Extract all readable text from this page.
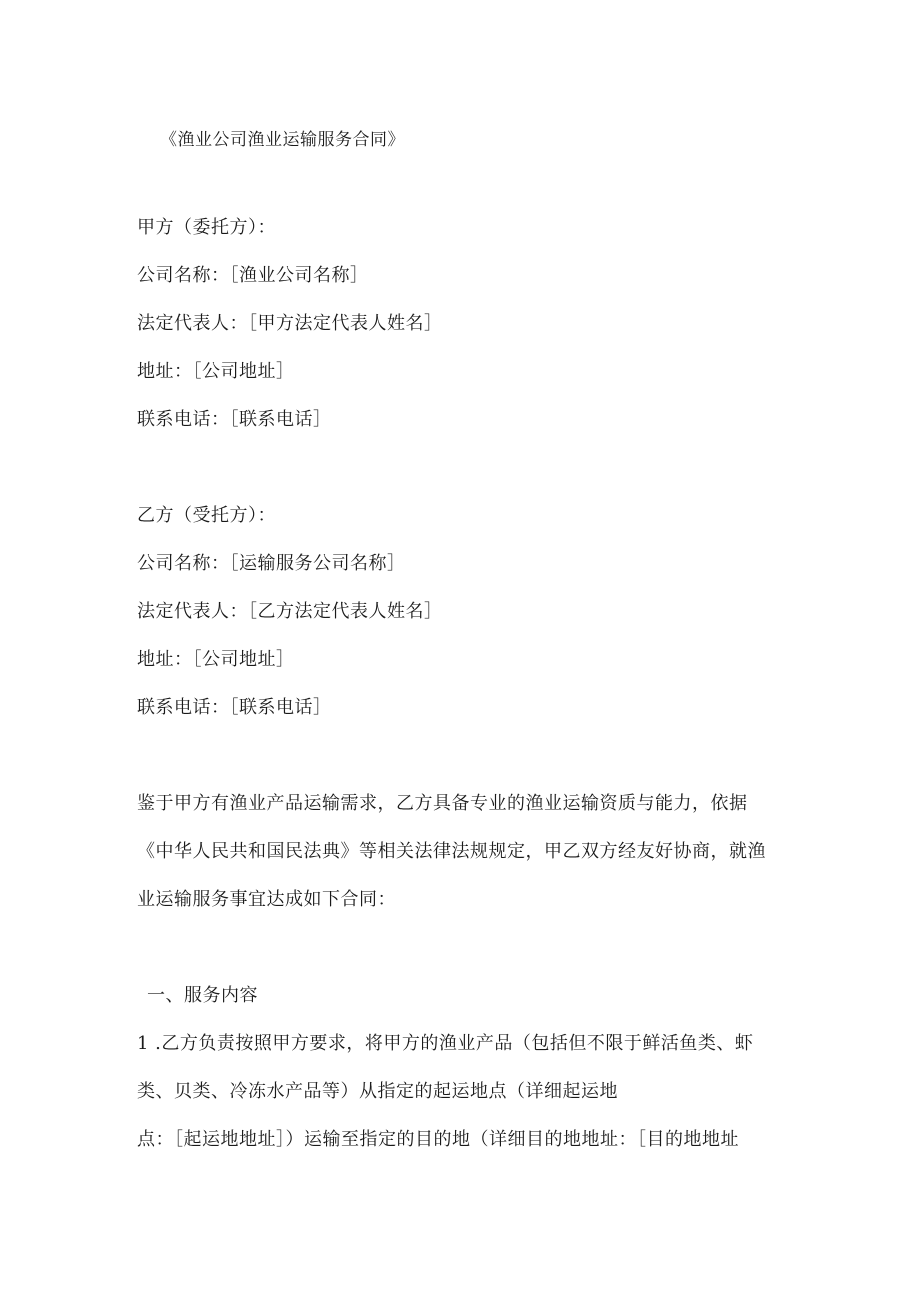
《渔业公司渔业运输服务合同》
甲方（委托方）：
公司名称：［渔业公司名称］
法定代表人：［甲方法定代表人姓名］
地址：［公司地址］
联系电话：［联系电话］
乙方（受托方）：
公司名称：［运输服务公司名称］
法定代表人：［乙方法定代表人姓名］
地址：［公司地址］
联系电话：［联系电话］
鉴于甲方有渔业产品运输需求，乙方具备专业的渔业运输资质与能力，依据
《中华人民共和国民法典》等相关法律法规规定，甲乙双方经友好协商，就渔
业运输服务事宜达成如下合同：
一、服务内容
1 .乙方负责按照甲方要求，将甲方的渔业产品（包括但不限于鲜活鱼类、虾
类、贝类、冷冻水产品等）从指定的起运地点（详细起运地
点：［起运地地址］）运输至指定的目的地（详细目的地地址：［目的地地址
